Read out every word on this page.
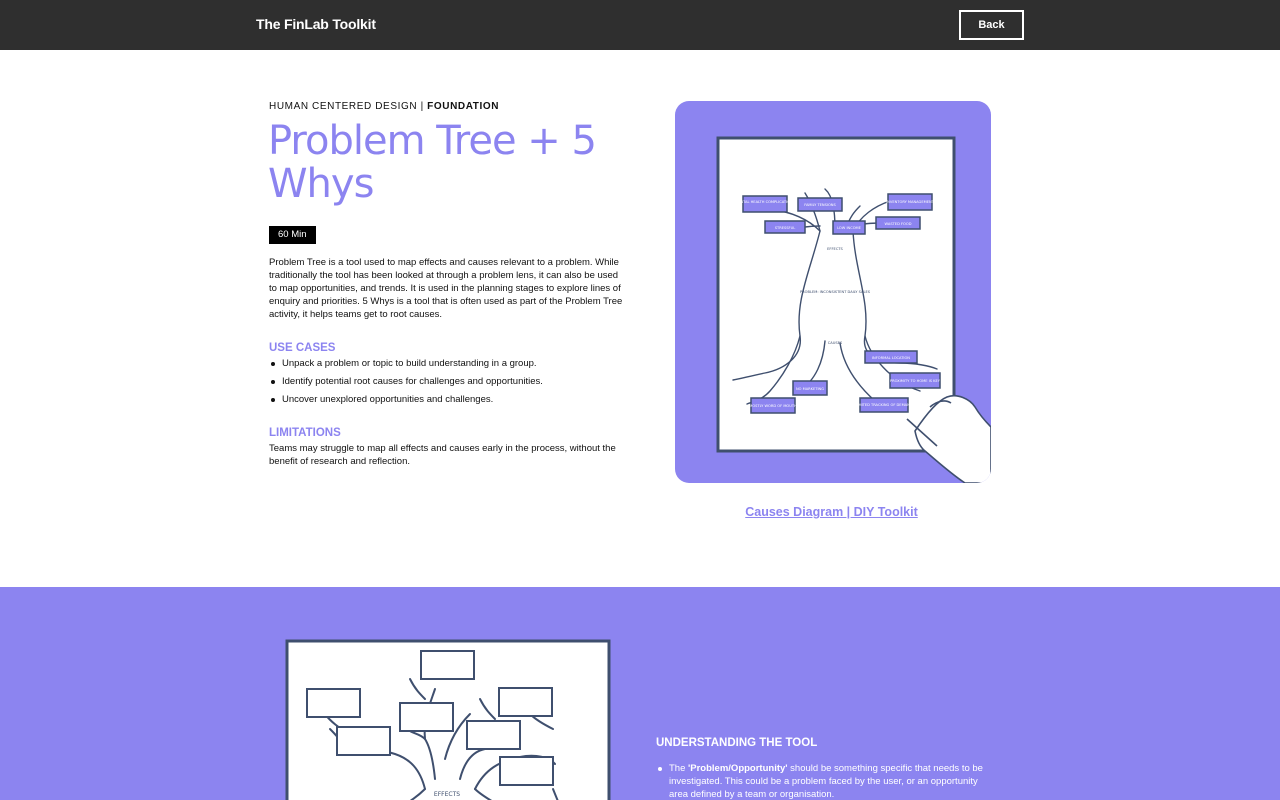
The FinLab Toolkit	Back
HUMAN CENTERED DESIGN | FOUNDATION
Problem Tree + 5 Whys
60 Min

Problem Tree is a tool used to map effects and causes relevant to a problem. While traditionally the tool has been looked at through a problem lens, it can also be used to map opportunities, and trends. It is used in the planning stages to explore lines of enquiry and priorities. 5 Whys is a tool that is often used as part of the Problem Tree activity, it helps teams get to root causes.

USE CASES
Unpack a problem or topic to build understanding in a group.
Identify potential root causes for challenges and opportunities.
Uncover unexplored opportunities and challenges.
LIMITATIONS

Teams may struggle to map all effects and causes early in the process, without the benefit of research and reflection.

MENTAL HEALTH COMPLICATIONS
FAMILY TENSIONS
INVENTORY MANAGEMENT
STRESSFUL	LOW INCOME
WASTED FOOD
INFORMAL LOCATION
PROXIMITY TO HOME IS KEY
NO MARKETING
MOSTLY WORD OF MOUTH	LIMITED TRACKING OF DEMAND
EFFECTS
PROBLEM: INCONSISTENT DAILY SALES
CAUSES
Causes Diagram | DIY Toolkit
EFFECTS
UNDERSTANDING THE TOOL
The 'Problem/Opportunity' should be something specific that needs to be investigated. This could be a problem faced by the user, or an opportunity area defined by a team or organisation.
